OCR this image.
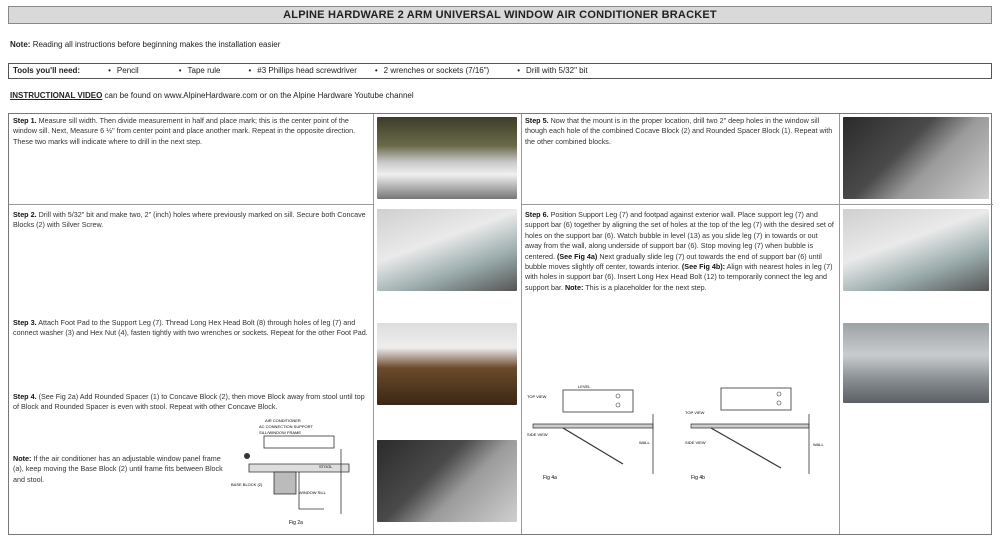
ALPINE HARDWARE 2 ARM UNIVERSAL WINDOW AIR CONDITIONER BRACKET
Note: Reading all instructions before beginning makes the installation easier
Tools you'll need:	• Pencil	• Tape rule	• #3 Phillips head screwdriver	• 2 wrenches or sockets (7/16")	• Drill with 5/32" bit
INSTRUCTIONAL VIDEO can be found on www.AlpineHardware.com or on the Alpine Hardware Youtube channel
Step 1. Measure sill width. Then divide measurement in half and place mark; this is the center point of the window sill. Next, Measure 6 ½" from center point and place another mark. Repeat in the opposite direction. These two marks will indicate where to drill in the next step.
Step 2. Drill with 5/32" bit and make two, 2" (inch) holes where previously marked on sill. Secure both Concave Blocks (2) with Silver Screw.
Step 3. Attach Foot Pad to the Support Leg (7). Thread Long Hex Head Bolt (8) through holes of leg (7) and connect washer (3) and Hex Nut (4), fasten tightly with two wrenches or sockets. Repeat for the other Foot Pad.
Step 4. (See Fig 2a) Add Rounded Spacer (1) to Concave Block (2), then move Block away from stool until top of Block and Rounded Spacer is even with stool. Repeat with other Concave Block.
Note: If the air conditioner has an adjustable window panel frame (a), keep moving the Base Block (2) until frame fits between Block and stool.
AIR CONDITIONER
AC CONNECTION SUPPORT
SILL/WINDOW FRAME
BASE BLOCK (2)
STOOL
WINDOW SILL
Fig 2a
Step 5. Now that the mount is in the proper location, drill two 2" deep holes in the window sill though each hole of the combined Cocave Block (2) and Rounded Spacer Block (1). Repeat with the other combined blocks.
Step 6. Position Support Leg (7) and footpad against exterior wall. Place support leg (7) and support bar (6) together by aligning the set of holes at the top of the leg (7) with the desired set of holes on the support bar (6). Watch bubble in level (13) as you slide leg (7) in towards or out away from the wall, along underside of support bar (6). Stop moving leg (7) when bubble is centered. (See Fig 4a) Next gradually slide leg (7) out towards the end of support bar (6) until bubble moves slightly off center, towards interior. (See Fig 4b): Align with nearest holes in leg (7) with holes in support bar (6). Insert Long Hex Head Bolt (12) to temporarily connect the leg and support bar. Note: This is a placeholder for the next step.
TOP VIEW
SIDE VIEW
LEVEL
WALL
Fig 4a
TOP VIEW
SIDE VIEW	WALL
Fig 4b
